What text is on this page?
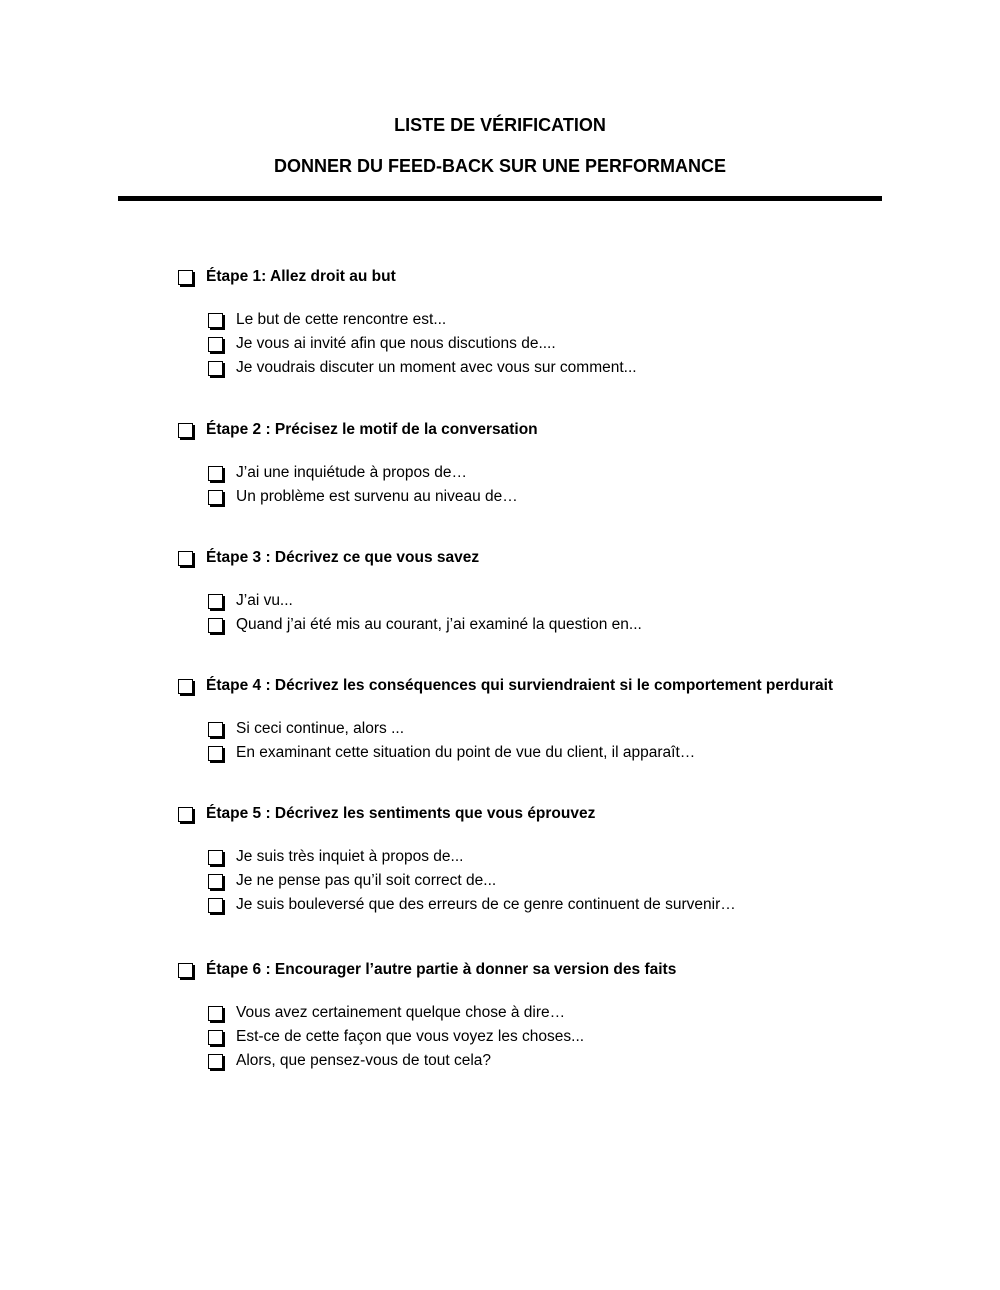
LISTE DE VÉRIFICATION
DONNER DU FEED-BACK SUR UNE PERFORMANCE
Étape 1: Allez droit au but
Le but de cette rencontre est...
Je vous ai invité afin que nous discutions de....
Je voudrais discuter un moment avec vous sur comment...
Étape 2 : Précisez le motif de la conversation
J’ai une inquiétude à propos de…
Un problème est survenu au niveau de…
Étape 3 : Décrivez ce que vous savez
J’ai vu...
Quand j’ai été mis au courant, j’ai examiné la question en...
Étape 4 : Décrivez les conséquences qui surviendraient si le comportement perdurait
Si ceci continue, alors ...
En examinant cette situation du point de vue du client, il apparaît…
Étape 5 : Décrivez les sentiments que vous éprouvez
Je suis très inquiet à propos de...
Je ne pense pas qu’il soit correct de...
Je suis bouleversé que des erreurs de ce genre continuent de survenir…
Étape 6 : Encourager l’autre partie à donner sa version des faits
Vous avez certainement quelque chose à dire…
Est-ce de cette façon que vous voyez les choses...
Alors, que pensez-vous de tout cela?
